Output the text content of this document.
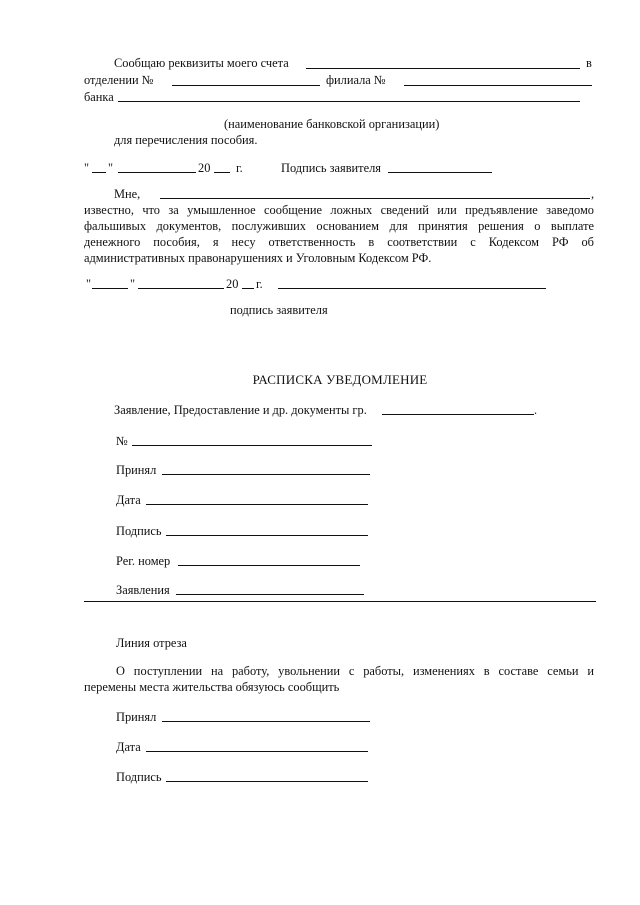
Сообщаю реквизиты моего счета	в
отделении №	филиала №
банка
(наименование банковской организации)
для перечисления пособия.
" "	20 г.	Подпись заявителя
Мне,	,
известно, что за умышленное сообщение ложных сведений или предъявление заведомо
фальшивых документов, послуживших основанием для принятия решения о выплате
денежного пособия, я несу ответственность в соответствии с Кодексом РФ об
административных правонарушениях и Уголовным Кодексом РФ.
"	"	20 г.
подпись заявителя
РАСПИСКА УВЕДОМЛЕНИЕ
Заявление, Предоставление и др. документы гр.	.
№
Принял
Дата
Подпись
Рег. номер
Заявления
Линия отреза
О поступлении на работу, увольнении с работы, изменениях в составе семьи и
перемены места жительства обязуюсь сообщить
Принял
Дата
Подпись
